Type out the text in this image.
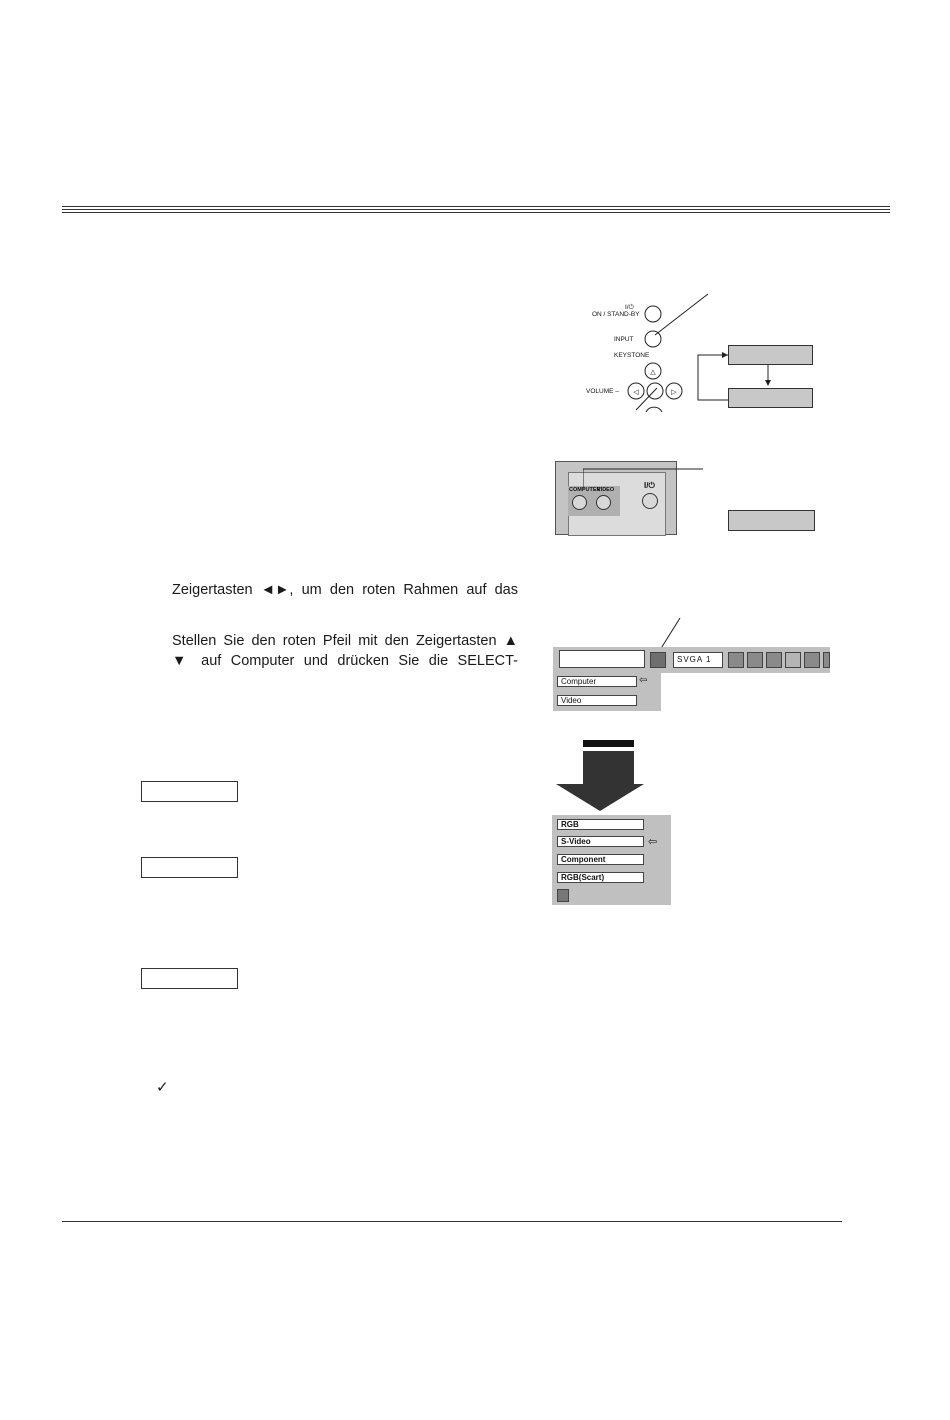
Zeigertasten ◄►, um den roten Rahmen auf das
Stellen Sie den roten Pfeil mit den Zeigertasten ▲
▼ auf Computer und drücken Sie die SELECT-
✓
△
◁	▷
I/⏻
ON / STAND-BY
INPUT
KEYSTONE
VOLUME –
COMPUTER
VIDEO	I/⏻
SVGA 1
Computer	⇦
Video
RGB
S-Video	⇦
Component
RGB(Scart)
